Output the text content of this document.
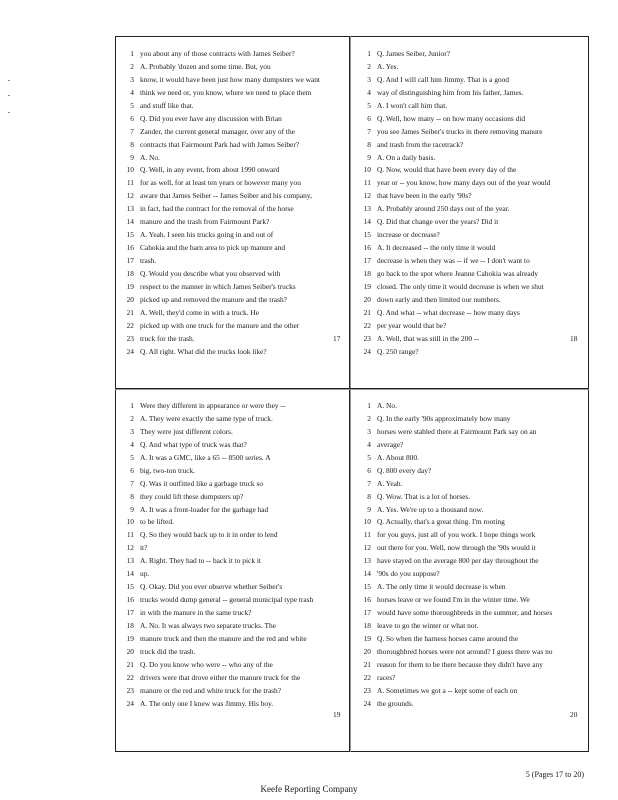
1 you about any of those contracts with James Seiber?
2 A. Probably 'dozen and some time. But, you
3 know, it would have been just how many dumpsters we want
4 think we need or, you know, where we need to place them
5 and stuff like that.
6 Q. Did you ever have any discussion with Brian
7 Zander, the current general manager, over any of the
8 contracts that Fairmount Park had with James Seiber?
9 A. No.
10 Q. Well, in any event, from about 1990 onward
11 for as well, for at least ten years or however many you
12 aware that James Seiber -- James Seiber and his company,
13 in fact, had the contract for the removal of the horse
14 manure and the trash from Fairmount Park?
15 A. Yeah. I seen his trucks going in and out of
16 Cahokia and the barn area to pick up manure and
17 trash.
18 Q. Would you describe what you observed with
19 respect to the manner in which James Seiber's trucks
20 picked up and removed the manure and the trash?
21 A. Well, they'd come in with a truck. He
22 picked up with one truck for the manure and the other
23 truck for the trash.
24 Q. All right. What did the trucks look like?
1 Q. James Seiber, Junior?
2 A. Yes.
3 Q. And I will call him Jimmy. That is a good
4 way of distinguishing him from his father, James.
5 A. I won't call him that.
6 Q. Well, how many -- on how many occasions did
7 you see James Seiber's trucks in there removing manure
8 and trash from the racetrack?
9 A. On a daily basis.
10 Q. Now, would that have been every day of the
11 year or -- you know, how many days out of the year would
12 that have been in the early '90s?
13 A. Probably around 250 days out of the year.
14 Q. Did that change over the years? Did it
15 increase or decrease?
16 A. It decreased -- the only time it would
17 decrease is when they was -- if we -- I don't want to
18 go back to the spot where Jeanne Cahokia was already
19 closed. The only time it would decrease is when we shut
20 down early and then limited our numbers.
21 Q. And what -- what decrease -- how many days
22 per year would that be?
23 A. Well, that was still in the 200 --
24 Q. 250 range?
1 Were they different in appearance or were they --
2 A. They were exactly the same type of truck.
3 They were just different colors.
4 Q. And what type of truck was that?
5 A. It was a GMC, like a 65 -- 8500 series. A
6 big, two-ton truck.
7 Q. Was it outfitted like a garbage truck so
8 they could lift these dumpsters up?
9 A. It was a front-loader for the garbage had
10 to be lifted.
11 Q. So they would back up to it in order to lend
12 it?
13 A. Right. They had to -- back it to pick it
14 up.
15 Q. Okay. Did you ever observe whether Seiber's
16 trucks would dump general -- general municipal type trash
17 in with the manure in the same truck?
18 A. No. It was always two separate trucks. The
19 manure truck and then the manure and the red and white
20 truck did the trash.
21 Q. Do you know who were -- who any of the
22 drivers were that drove either the manure truck for the
23 manure or the red and white truck for the trash?
24 A. The only one I knew was Jimmy. His boy.
1 A. No.
2 Q. In the early '90s approximately how many
3 horses were stabled there at Fairmount Park say on an
4 average?
5 A. About 800.
6 Q. 800 every day?
7 A. Yeah.
8 Q. Wow. That is a lot of horses.
9 A. Yes. We're up to a thousand now.
10 Q. Actually, that's a great thing. I'm rooting
11 for you guys, just all of you work. I hope things work
12 out there for you. Well, now through the '90s would it
13 have stayed on the average 800 per day throughout the
14 '90s do you suppose?
15 A. The only time it would decrease is when
16 horses leave or we found I'm in the winter time. We
17 would have some thoroughbreds in the summer, and horses
18 leave to go the winter or what not.
19 Q. So when the harness horses came around the
20 thoroughbred horses were not around? I guess there was no
21 reason for them to be there because they didn't have any
22 races?
23 A. Sometimes we got a -- kept some of each on
24 the grounds.
17	18
19	20
5 (Pages 17 to 20)
Keefe Reporting Company
